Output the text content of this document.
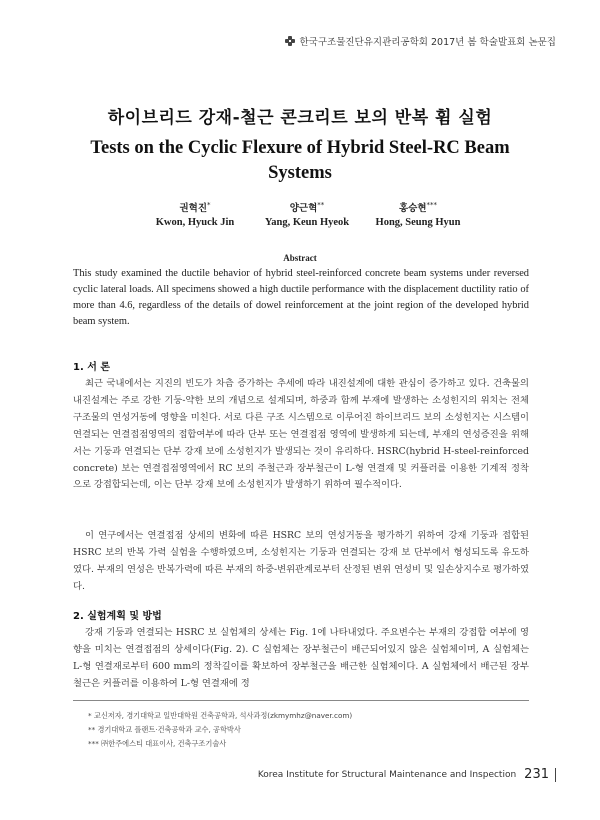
한국구조물진단유지관리공학회 2017년 봄 학술발표회 논문집
하이브리드 강재-철근 콘크리트 보의 반복 휨 실험
Tests on the Cyclic Flexure of Hybrid Steel-RC Beam
Systems
권혁진*
Kwon, Hyuck Jin
양근혁**
Yang, Keun Hyeok
홍승현***
Hong, Seung Hyun
Abstract
This study examined the ductile behavior of hybrid steel-reinforced concrete beam systems under reversed cyclic lateral loads. All specimens showed a high ductile performance with the displacement ductility ratio of more than 4.6, regardless of the details of dowel reinforcement at the joint region of the developed hybrid beam system.
1. 서 론
최근 국내에서는 지진의 빈도가 차츰 증가하는 추세에 따라 내진설계에 대한 관심이 증가하고 있다. 건축물의 내진설계는 주로 강한 기둥-약한 보의 개념으로 설계되며, 하중과 함께 부재에 발생하는 소성힌지의 위치는 전체 구조물의 연성거동에 영향을 미친다. 서로 다른 구조 시스템으로 이루어진 하이브리드 보의 소성힌지는 시스템이 연결되는 연결접점영역의 접합여부에 따라 단부 또는 연결접점 영역에 발생하게 되는데, 부재의 연성증진을 위해서는 기둥과 연결되는 단부 강재 보에 소성힌지가 발생되는 것이 유리하다. HSRC(hybrid H-steel-reinforced concrete) 보는 연결접점영역에서 RC 보의 주철근과 장부철근이 L-형 연결재 및 커플러를 이용한 기계적 정착으로 강접합되는데, 이는 단부 강재 보에 소성힌지가 발생하기 위하여 필수적이다.
이 연구에서는 연결접점 상세의 변화에 따른 HSRC 보의 연성거동을 평가하기 위하여 강재 기둥과 접합된 HSRC 보의 반복 가력 실험을 수행하였으며, 소성힌지는 기둥과 연결되는 강재 보 단부에서 형성되도록 유도하였다. 부재의 연성은 반복가력에 따른 부재의 하중-변위관계로부터 산정된 변위 연성비 및 일손상지수로 평가하였다.
2. 실험계획 및 방법
강재 기둥과 연결되는 HSRC 보 실험체의 상세는 Fig. 1에 나타내었다. 주요변수는 부재의 강접합 여부에 영향을 미치는 연결접점의 상세이다(Fig. 2). C 실험체는 장부철근이 배근되어있지 않은 실험체이며, A 실험체는 L-형 연결재로부터 600 mm의 정착길이를 확보하여 장부철근을 배근한 실험체이다. A 실험체에서 배근된 장부철근은 커플러를 이용하여 L-형 연결재에 정
* 교신저자, 경기대학교 일반대학원 건축공학과, 석사과정(zkmymhz@naver.com)
** 경기대학교 플랜트·건축공학과 교수, 공학박사
*** ㈜한주에스티 대표이사, 건축구조기술사
Korea Institute for Structural Maintenance and Inspection 231
